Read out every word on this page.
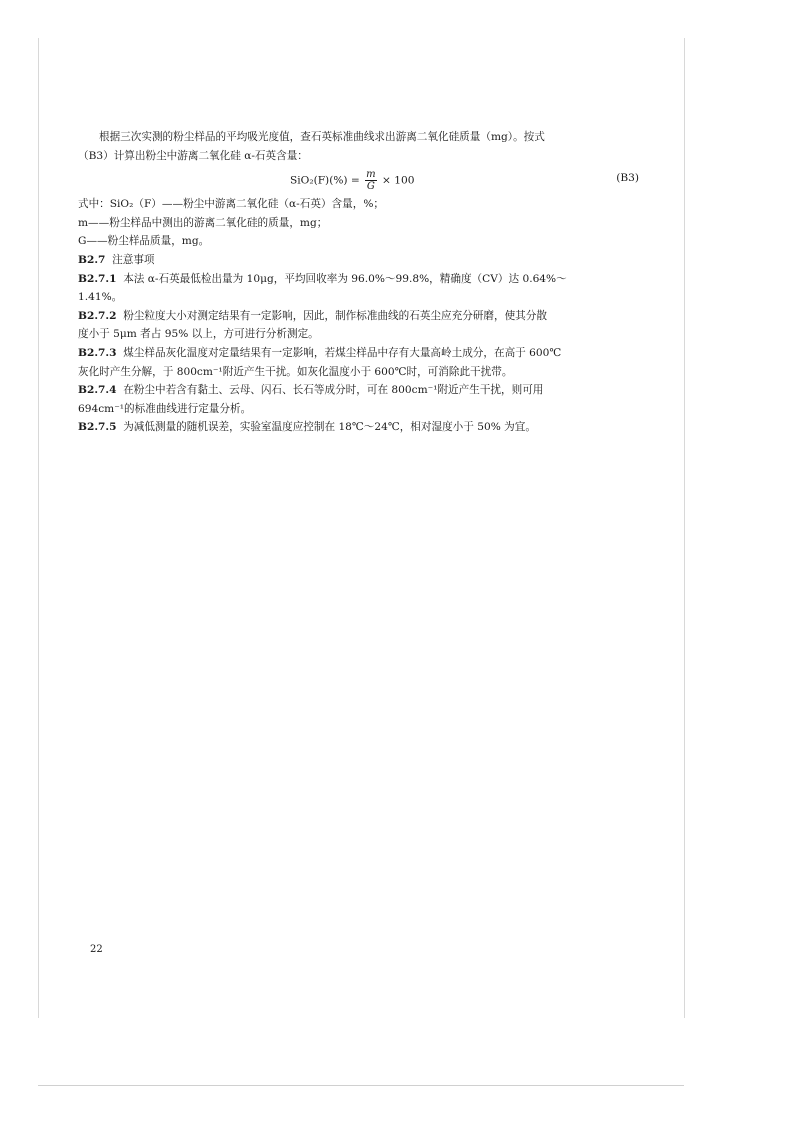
根据三次实测的粉尘样品的平均吸光度值，查石英标准曲线求出游离二氧化硅质量（mg）。按式

（B3）计算出粉尘中游离二氧化硅 α-石英含量：

$SiO_2(F)(\%) = \frac{m}{G} \times 100$	(B3)

式中：SiO₂（F）——粉尘中游离二氧化硅（α-石英）含量，%；

m——粉尘样品中测出的游离二氧化硅的质量，mg；

G——粉尘样品质量，mg。

B2.7 注意事项

B2.7.1 本法 α-石英最低检出量为 10μg，平均回收率为 96.0%～99.8%，精确度（CV）达 0.64%～

1.41%。

B2.7.2 粉尘粒度大小对测定结果有一定影响，因此，制作标准曲线的石英尘应充分研磨，使其分散

度小于 5μm 者占 95% 以上，方可进行分析测定。

B2.7.3 煤尘样品灰化温度对定量结果有一定影响，若煤尘样品中存有大量高岭土成分，在高于 600℃

灰化时产生分解，于 800cm⁻¹附近产生干扰。如灰化温度小于 600℃时，可消除此干扰带。

B2.7.4 在粉尘中若含有黏土、云母、闪石、长石等成分时，可在 800cm⁻¹附近产生干扰，则可用

694cm⁻¹的标准曲线进行定量分析。

B2.7.5 为减低测量的随机误差，实验室温度应控制在 18℃～24℃，相对湿度小于 50% 为宜。

22
